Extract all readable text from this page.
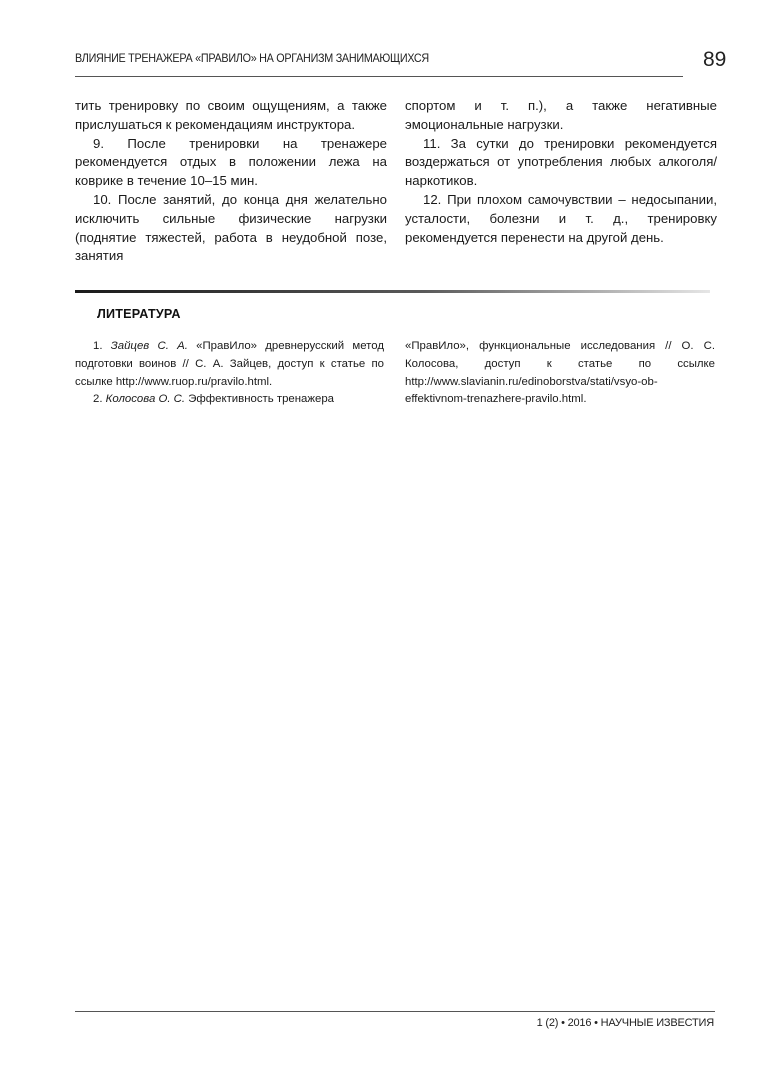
ВЛИЯНИЕ ТРЕНАЖЕРА «ПРАВИЛО» НА ОРГАНИЗМ ЗАНИМАЮЩИХСЯ	89

тить тренировку по своим ощущениям, а также прислушаться к рекомендациям инструктора.

9. После тренировки на тренажере рекомендуется отдых в положении лежа на коврике в течение 10–15 мин.

10. После занятий, до конца дня желательно исключить сильные физические нагрузки (поднятие тяжестей, работа в неудобной позе, занятия

спортом и т. п.), а также негативные эмоциональные нагрузки.

11. За сутки до тренировки рекомендуется воздержаться от употребления любых алкоголя/наркотиков.

12. При плохом самочувствии – недосыпании, усталости, болезни и т. д., тренировку рекомендуется перенести на другой день.

ЛИТЕРАТУРА

1. Зайцев С. А. «ПравИло» древнерусский метод подготовки воинов // С. А. Зайцев, доступ к статье по ссылке http://www.ruop.ru/pravilo.html.

2. Колосова О. С. Эффективность тренажера

«ПравИло», функциональные исследования // О. С. Колосова, доступ к статье по ссылке http://www.slavianin.ru/edinoborstva/stati/vsyo-ob-effektivnom-trenazhere-pravilo.html.

1 (2) • 2016 • НАУЧНЫЕ ИЗВЕСТИЯ
